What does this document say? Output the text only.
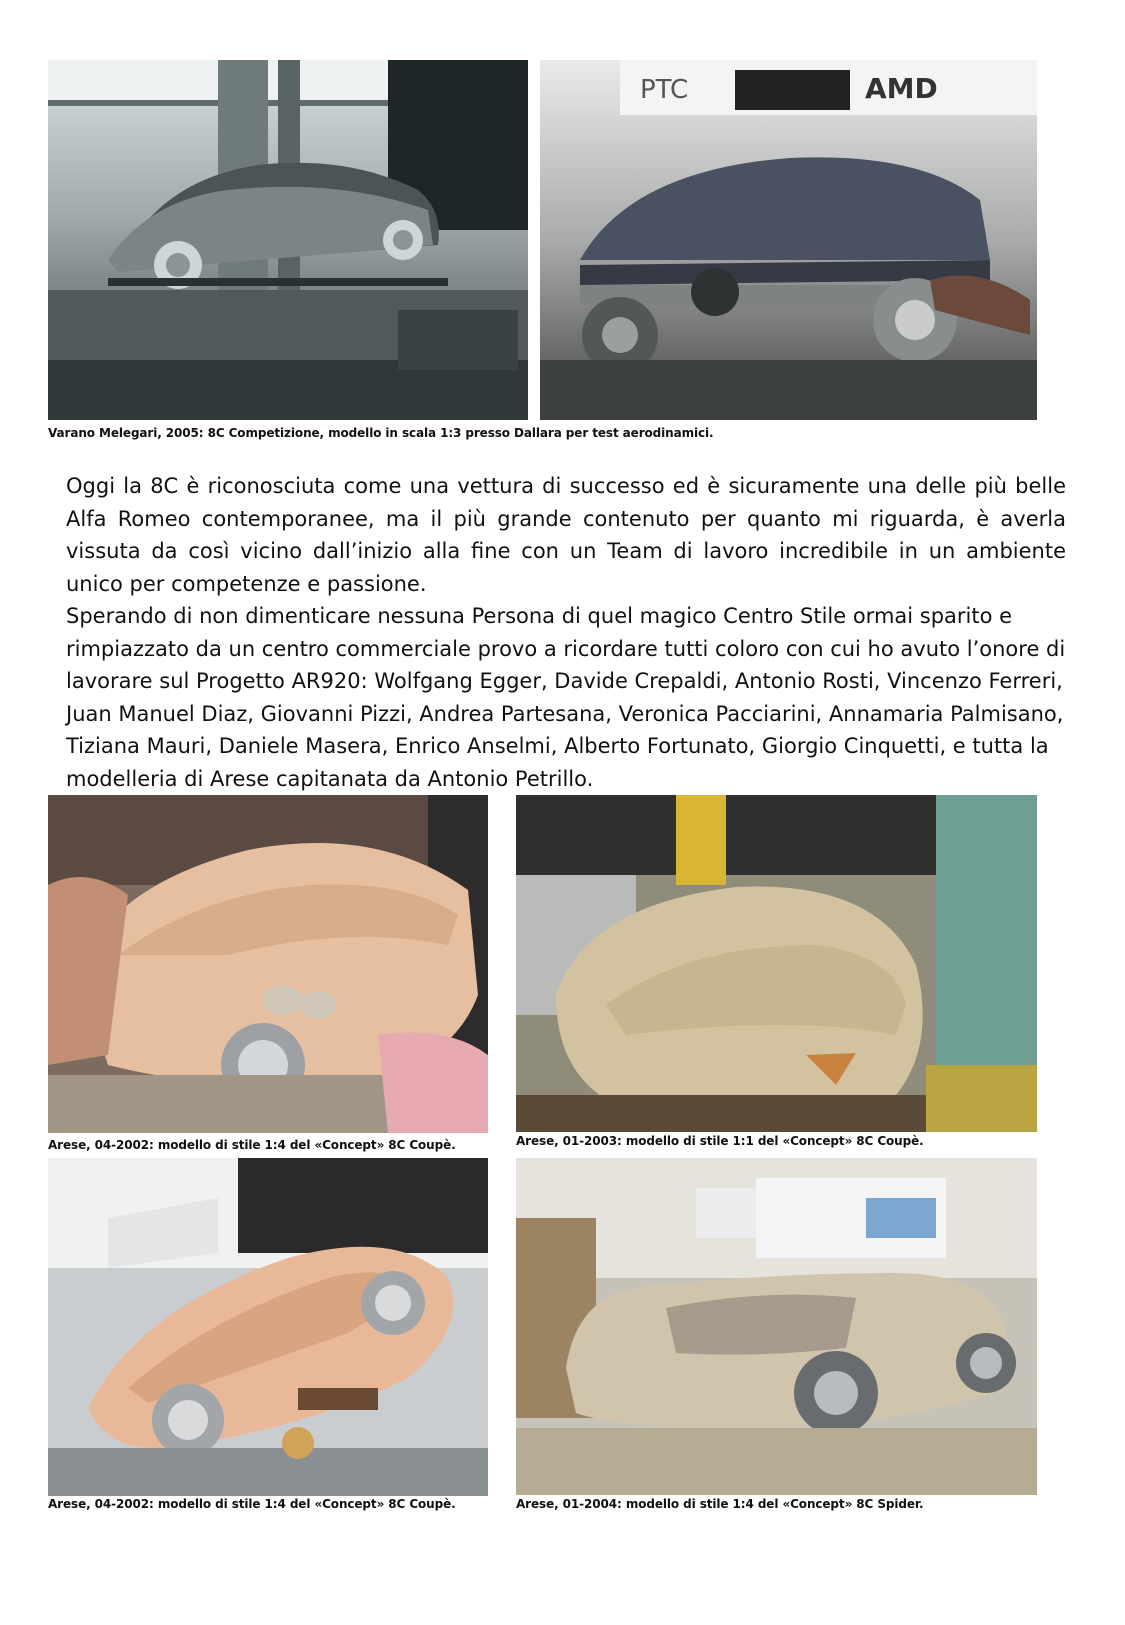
PTC	AMD
Varano Melegari, 2005: 8C Competizione, modello in scala 1:3 presso Dallara per test aerodinamici.

Oggi la 8C è riconosciuta come una vettura di successo ed è sicuramente una delle più belle Alfa Romeo contemporanee, ma il più grande contenuto per quanto mi riguarda, è averla vissuta da così vicino dall’inizio alla fine con un Team di lavoro incredibile in un ambiente unico per competenze e passione.

Sperando di non dimenticare nessuna Persona di quel magico Centro Stile ormai sparito e rimpiazzato da un centro commerciale provo a ricordare tutti coloro con cui ho avuto l’onore di lavorare sul Progetto AR920: Wolfgang Egger, Davide Crepaldi, Antonio Rosti, Vincenzo Ferreri, Juan Manuel Diaz, Giovanni Pizzi, Andrea Partesana, Veronica Pacciarini, Annamaria Palmisano, Tiziana Mauri, Daniele Masera, Enrico Anselmi, Alberto Fortunato, Giorgio Cinquetti, e tutta la modelleria di Arese capitanata da Antonio Petrillo.

Arese, 04-2002: modello di stile 1:4 del «Concept» 8C Coupè.	Arese, 01-2003: modello di stile 1:1 del «Concept» 8C Coupè.
Arese, 04-2002: modello di stile 1:4 del «Concept» 8C Coupè.	Arese, 01-2004: modello di stile 1:4 del «Concept» 8C Spider.
